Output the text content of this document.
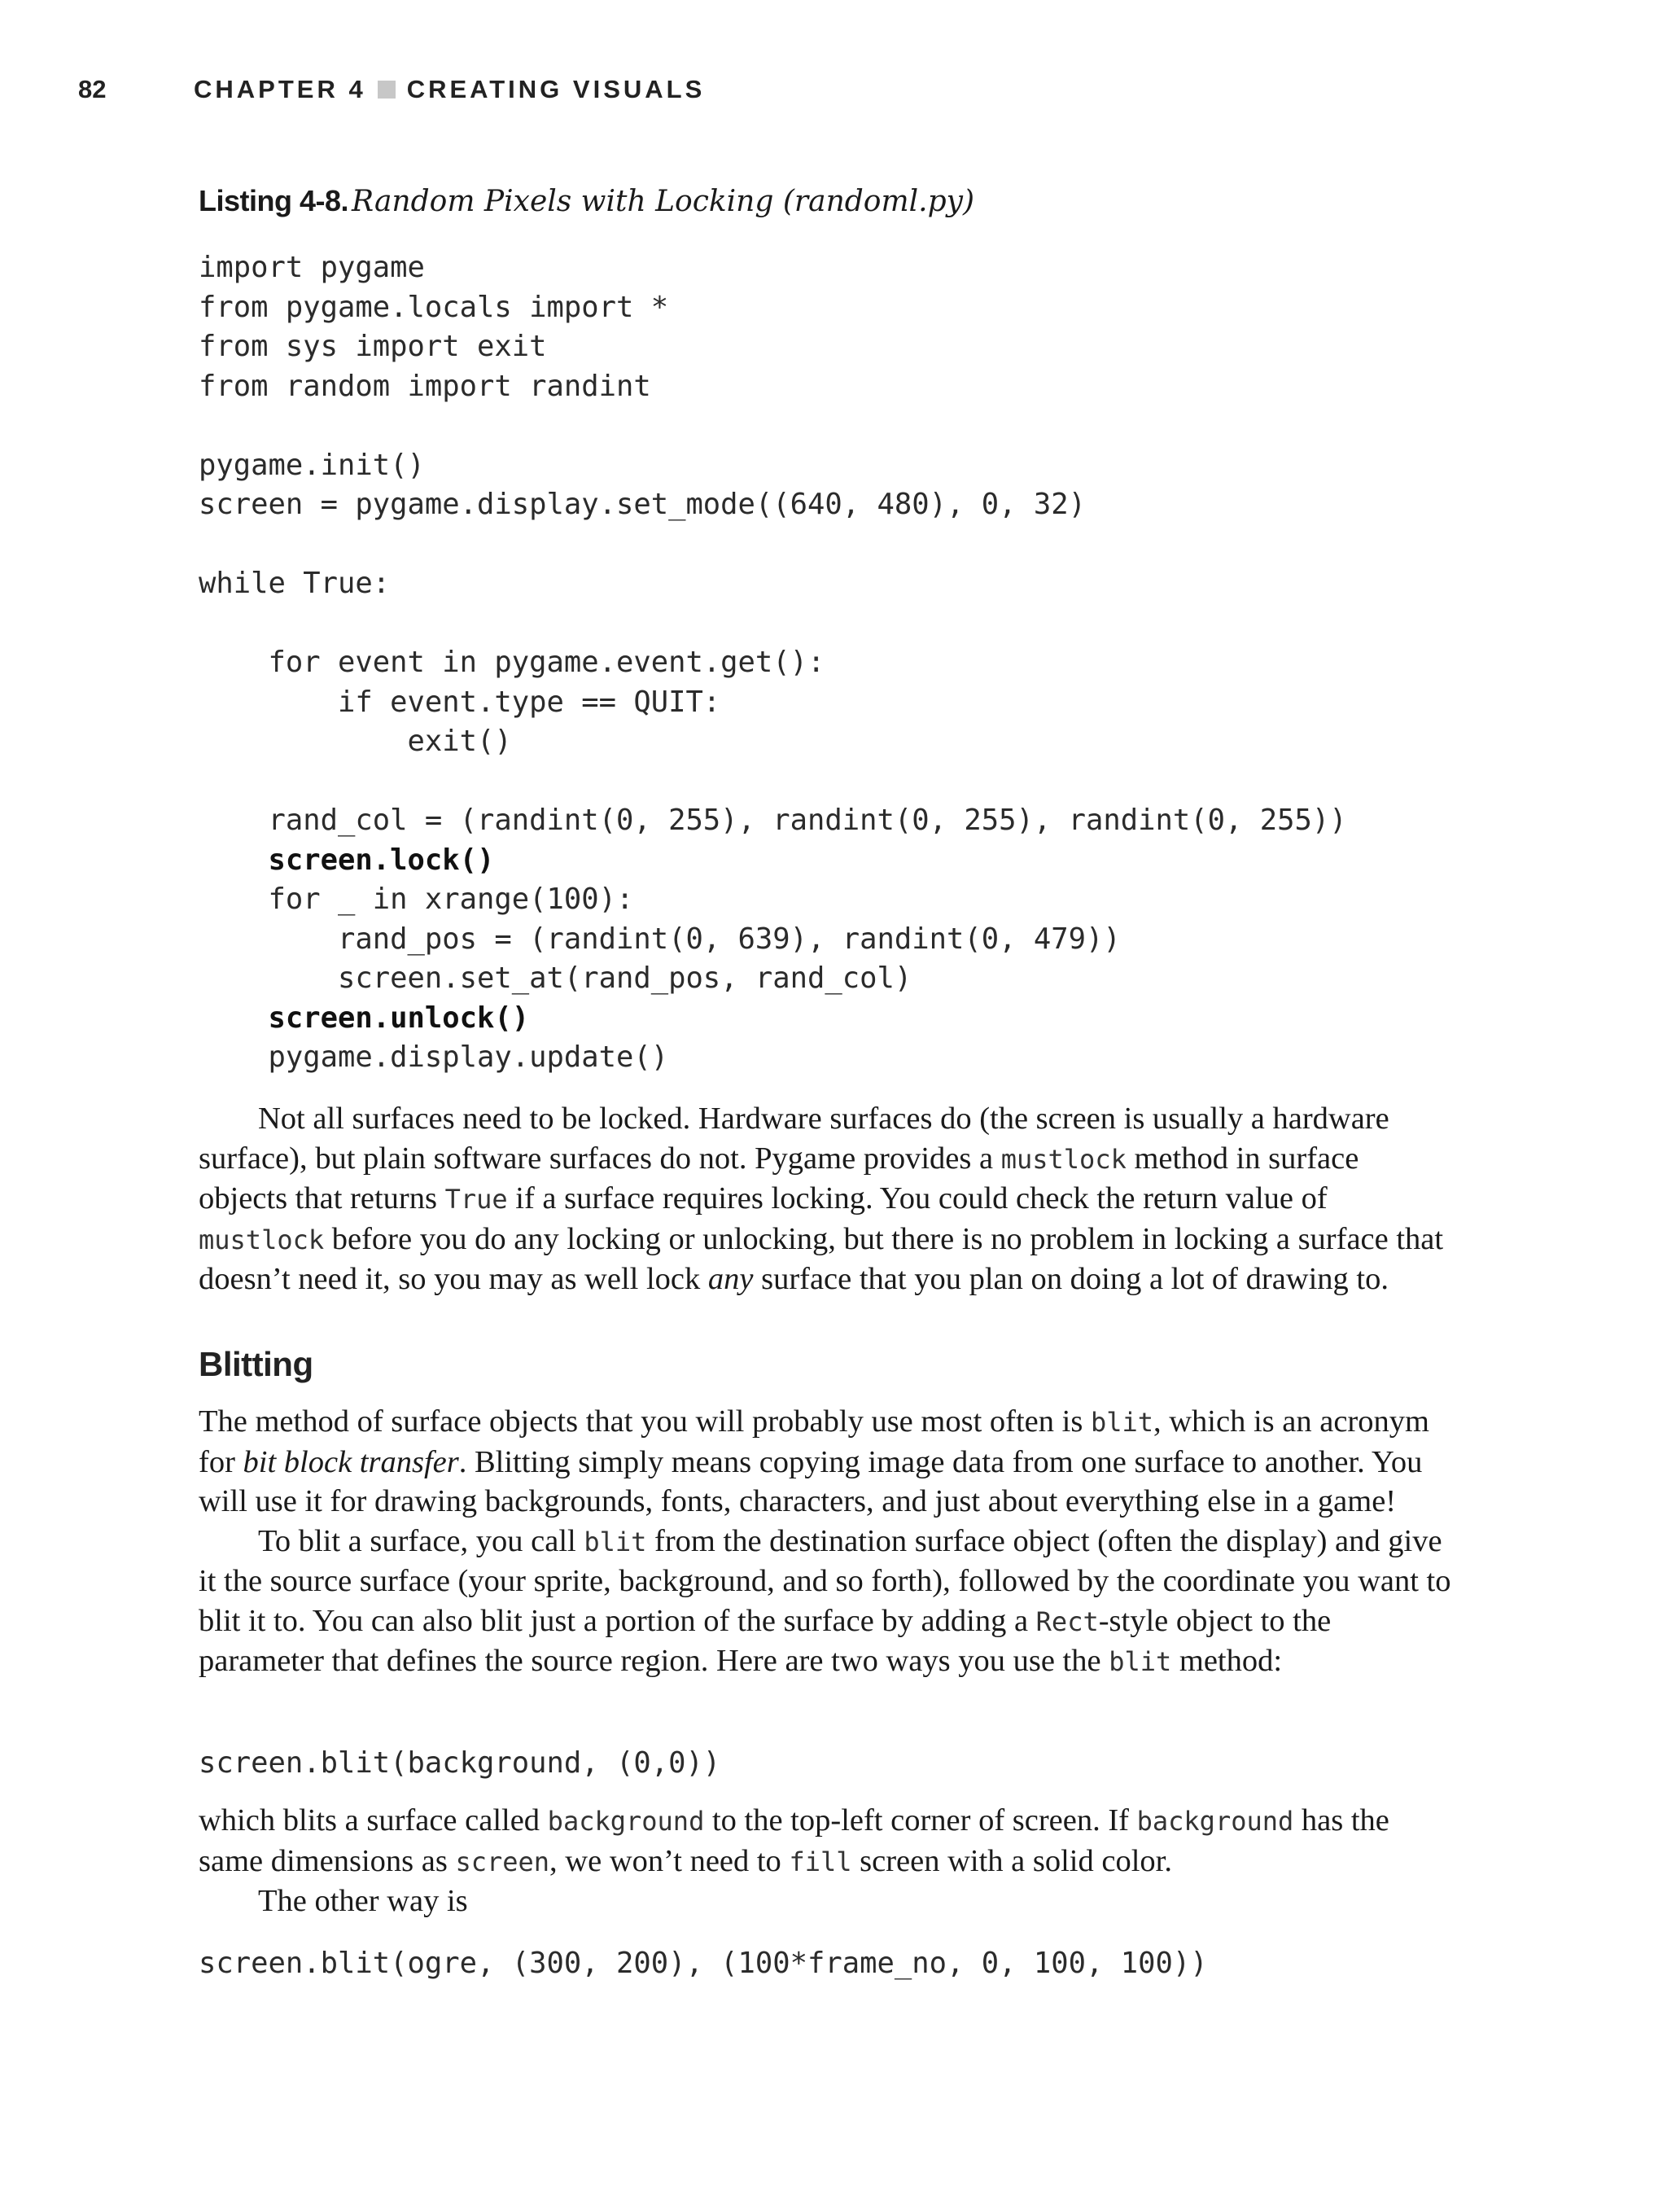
82	CHAPTER 4 CREATING VISUALS
Listing 4-8. Random Pixels with Locking (randoml.py)
import pygame
from pygame.locals import *
from sys import exit
from random import randint
pygame.init()
screen = pygame.display.set_mode((640, 480), 0, 32)
while True:
for event in pygame.event.get():
if event.type == QUIT:
exit()
rand_col = (randint(0, 255), randint(0, 255), randint(0, 255))
screen.lock()
for _ in xrange(100):
rand_pos = (randint(0, 639), randint(0, 479))
screen.set_at(rand_pos, rand_col)
screen.unlock()
pygame.display.update()

Not all surfaces need to be locked. Hardware surfaces do (the screen is usually a hardware surface), but plain software surfaces do not. Pygame provides a mustlock method in surface objects that returns True if a surface requires locking. You could check the return value of mustlock before you do any locking or unlocking, but there is no problem in locking a surface that doesn’t need it, so you may as well lock any surface that you plan on doing a lot of drawing to.

Blitting

The method of surface objects that you will probably use most often is blit, which is an acronym for bit block transfer. Blitting simply means copying image data from one surface to another. You will use it for drawing backgrounds, fonts, characters, and just about everything else in a game!

To blit a surface, you call blit from the destination surface object (often the display) and give it the source surface (your sprite, background, and so forth), followed by the coordinate you want to blit it to. You can also blit just a portion of the surface by adding a Rect-style object to the parameter that defines the source region. Here are two ways you use the blit method:

screen.blit(background, (0,0))

which blits a surface called background to the top-left corner of screen. If background has the same dimensions as screen, we won’t need to fill screen with a solid color.

The other way is

screen.blit(ogre, (300, 200), (100*frame_no, 0, 100, 100))
